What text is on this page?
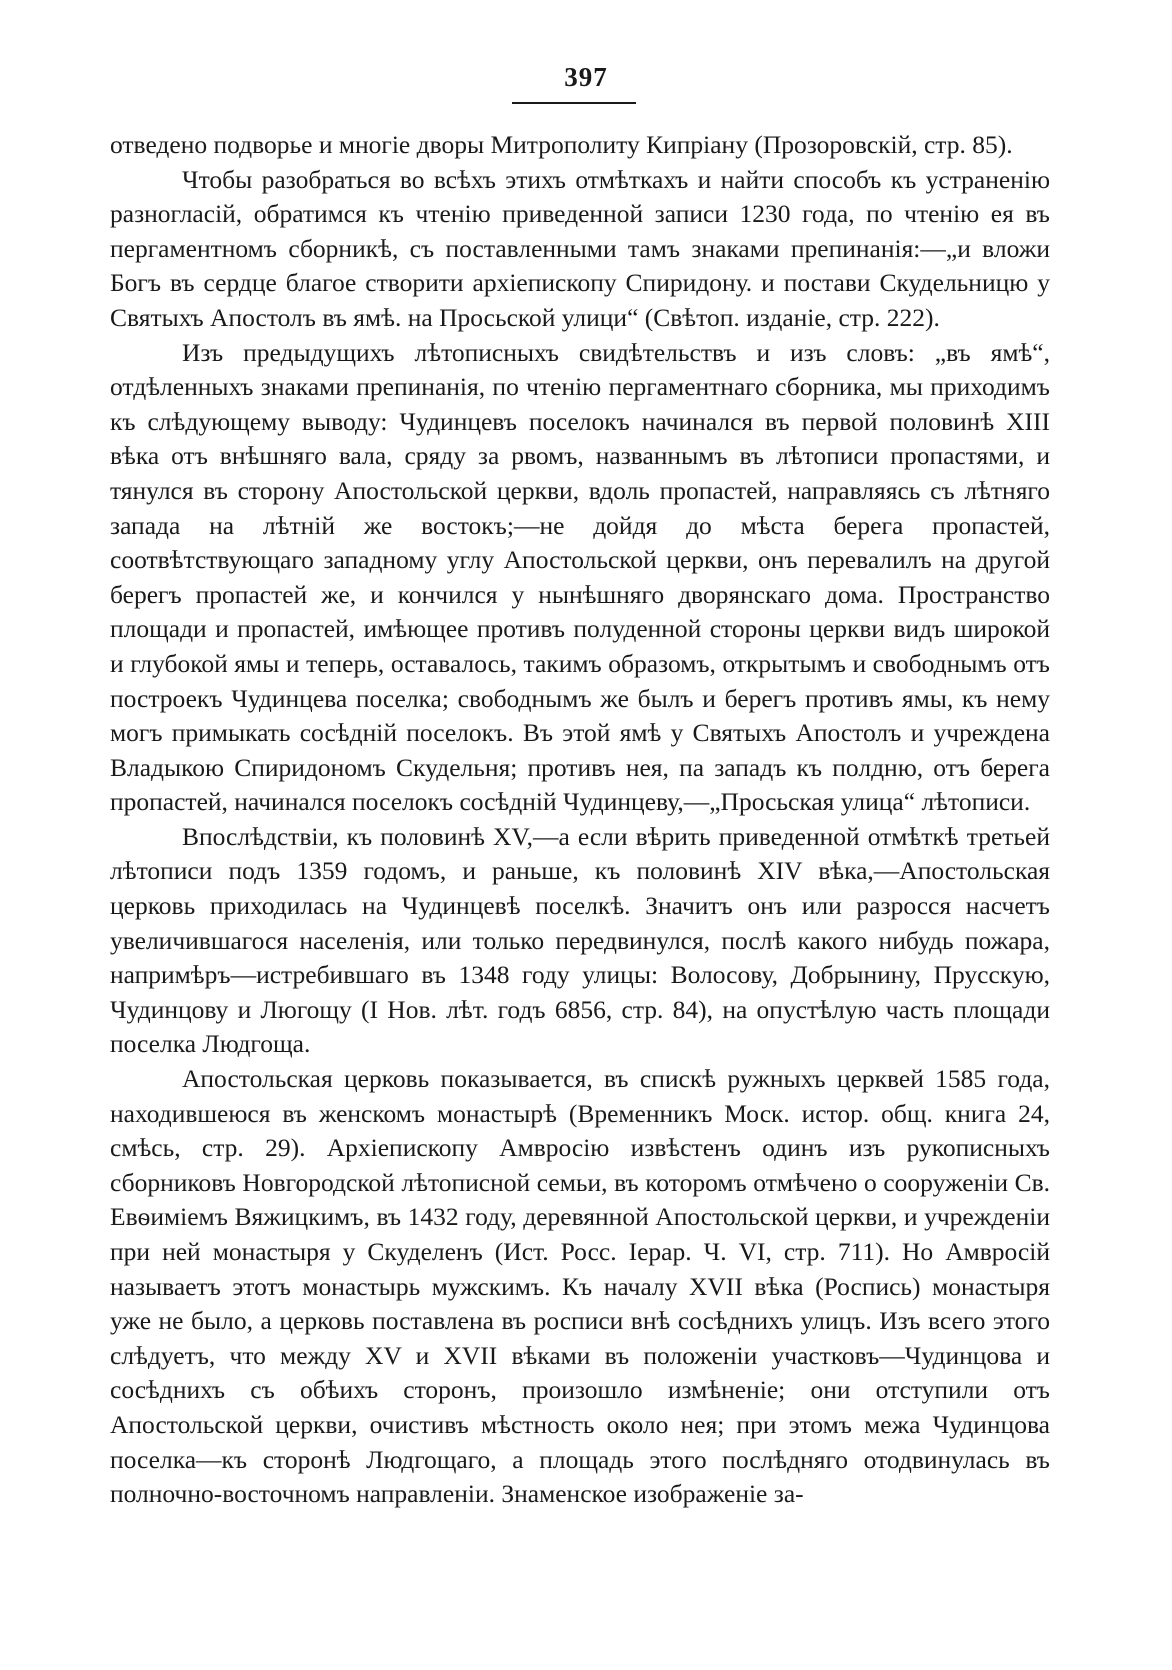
397

отведено подворье и многіе дворы Митрополиту Кипріану (Прозоровскій, стр. 85).

Чтобы разобраться во всѣхъ этихъ отмѣткахъ и найти способъ къ устраненію разногласій, обратимся къ чтенію приведенной записи 1230 года, по чтенію ея въ пергаментномъ сборникѣ, съ поставленными тамъ знаками препинанія:—„и вложи Богъ въ сердце благое створити архіепископу Спиридону. и постави Скудельницю у Святыхъ Апостолъ въ ямѣ. на Просьской улици“ (Свѣтоп. изданіе, стр. 222).

Изъ предыдущихъ лѣтописныхъ свидѣтельствъ и изъ словъ: „въ ямѣ“, отдѣленныхъ знаками препинанія, по чтенію пергаментнаго сборника, мы приходимъ къ слѣдующему выводу: Чудинцевъ поселокъ начинался въ первой половинѣ XIII вѣка отъ внѣшняго вала, сряду за рвомъ, названнымъ въ лѣтописи пропастями, и тянулся въ сторону Апостольской церкви, вдоль пропастей, направляясь съ лѣтняго запада на лѣтній же востокъ;—не дойдя до мѣста берега пропастей, соотвѣтствующаго западному углу Апостольской церкви, онъ перевалилъ на другой берегъ пропастей же, и кончился у нынѣшняго дворянскаго дома. Пространство площади и пропастей, имѣющее противъ полуденной стороны церкви видъ широкой и глубокой ямы и теперь, оставалось, такимъ образомъ, открытымъ и свободнымъ отъ построекъ Чудинцева поселка; свободнымъ же былъ и берегъ противъ ямы, къ нему могъ примыкать сосѣдній поселокъ. Въ этой ямѣ у Святыхъ Апостолъ и учреждена Владыкою Спиридономъ Скудельня; противъ нея, па западъ къ полдню, отъ берега пропастей, начинался поселокъ сосѣдній Чудинцеву,—„Просьская улица“ лѣтописи.

Впослѣдствіи, къ половинѣ XV,—а если вѣрить приведенной отмѣткѣ третьей лѣтописи подъ 1359 годомъ, и раньше, къ половинѣ XIV вѣка,—Апостольская церковь приходилась на Чудинцевѣ поселкѣ. Значитъ онъ или разросся насчетъ увеличившагося населенія, или только передвинулся, послѣ какого нибудь пожара, напримѣръ—истребившаго въ 1348 году улицы: Волосову, Добрынину, Прусскую, Чудинцову и Люгощу (I Нов. лѣт. годъ 6856, стр. 84), на опустѣлую часть площади поселка Людгоща.

Апостольская церковь показывается, въ спискѣ ружныхъ церквей 1585 года, находившеюся въ женскомъ монастырѣ (Временникъ Моск. истор. общ. книга 24, смѣсь, стр. 29). Архіепископу Амвросію извѣстенъ одинъ изъ рукописныхъ сборниковъ Новгородской лѣтописной семьи, въ которомъ отмѣчено о сооруженіи Св. Евѳиміемъ Вяжицкимъ, въ 1432 году, деревянной Апостольской церкви, и учрежденіи при ней монастыря у Скуделенъ (Ист. Росс. Іерар. Ч. VI, стр. 711). Но Амвросій называетъ этотъ монастырь мужскимъ. Къ началу XVII вѣка (Роспись) монастыря уже не было, а церковь поставлена въ росписи внѣ сосѣднихъ улицъ. Изъ всего этого слѣдуетъ, что между XV и XVII вѣками въ положеніи участковъ—Чудинцова и сосѣднихъ съ обѣихъ сторонъ, произошло измѣненіе; они отступили отъ Апостольской церкви, очистивъ мѣстность около нея; при этомъ межа Чудинцова поселка—къ сторонѣ Людгощаго, а площадь этого послѣдняго отодвинулась въ полночно-восточномъ направленіи. Знаменское изображеніе за-
